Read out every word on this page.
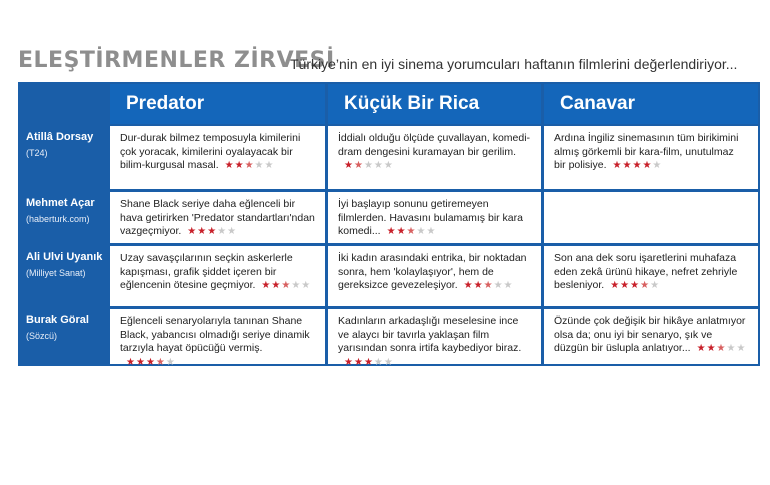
ELEŞTİRMENLER ZİRVESİ
Türkiye’nin en iyi sinema yorumcuları haftanın filmlerini değerlendiriyor...
Predator	Küçük Bir Rica	Canavar
Atillâ Dorsay
(T24)
Dur-durak bilmez temposuyla kimilerini çok yoracak, kimilerini oyalayacak bir bilim-kurgusal masal. ★★★★★
İddialı olduğu ölçüde çuvallayan, komedi-dram dengesini kuramayan bir gerilim.★★★★★
Ardına İngiliz sinemasının tüm birikimini almış görkemli bir kara-film, unutulmaz bir polisiye. ★★★★★
Mehmet Açar
(haberturk.com)
Shane Black seriye daha eğlenceli bir hava getirirken 'Predator standartları'ndan vazgeçmiyor. ★★★★★
İyi başlayıp sonunu getiremeyen filmlerden. Havasını bulamamış bir kara komedi... ★★★★★
Ali Ulvi Uyanık
(Milliyet Sanat)
Uzay savaşçılarının seçkin askerlerle kapışması, grafik şiddet içeren bir eğlencenin ötesine geçmiyor. ★★★★★
İki kadın arasındaki entrika, bir noktadan sonra, hem 'kolaylaşıyor', hem de gereksizce gevezeleşiyor. ★★★★★
Son ana dek soru işaretlerini muhafaza eden zekâ ürünü hikaye, nefret zehriyle besleniyor. ★★★★★
Burak Göral
(Sözcü)
Eğlenceli senaryolarıyla tanınan Shane Black, yabancısı olmadığı seriye dinamik tarzıyla hayat öpücüğü vermiş.★★★★★
Kadınların arkadaşlığı meselesine ince ve alaycı bir tavırla yaklaşan film yarısından sonra irtifa kaybediyor biraz.★★★★★
Özünde çok değişik bir hikâye anlatmıyor olsa da; onu iyi bir senaryo, şık ve düzgün bir üslupla anlatıyor... ★★★★★
